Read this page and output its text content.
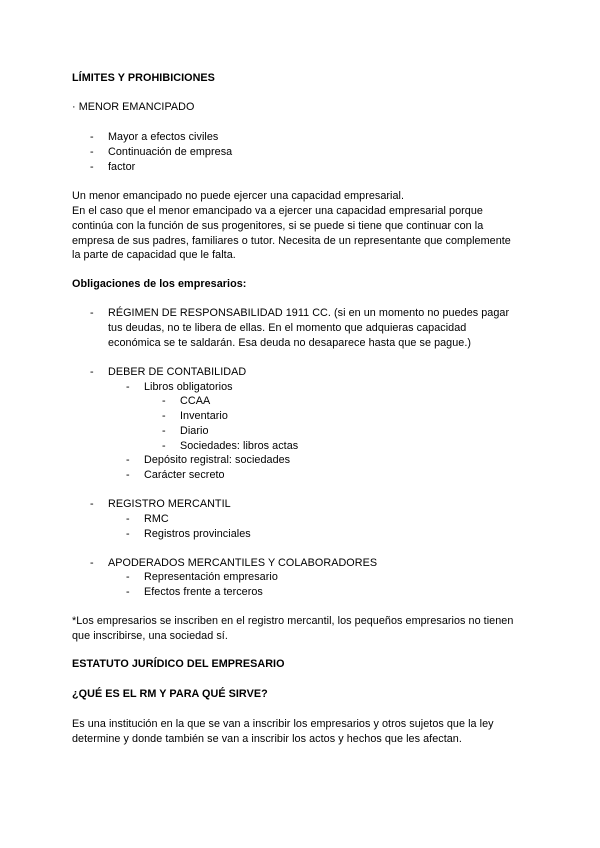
LÍMITES Y PROHIBICIONES
· MENOR EMANCIPADO
- Mayor a efectos civiles
- Continuación de empresa
- factor
Un menor emancipado no puede ejercer una capacidad empresarial.
En el caso que el menor emancipado va a ejercer una capacidad empresarial porque
continúa con la función de sus progenitores, si se puede si tiene que continuar con la
empresa de sus padres, familiares o tutor. Necesita de un representante que complemente
la parte de capacidad que le falta.
Obligaciones de los empresarios:
- RÉGIMEN DE RESPONSABILIDAD 1911 CC. (si en un momento no puedes pagar
tus deudas, no te libera de ellas. En el momento que adquieras capacidad
económica se te saldarán. Esa deuda no desaparece hasta que se pague.)
- DEBER DE CONTABILIDAD
- Libros obligatorios
- CCAA
- Inventario
- Diario
- Sociedades: libros actas
- Depósito registral: sociedades
- Carácter secreto
- REGISTRO MERCANTIL
- RMC
- Registros provinciales
- APODERADOS MERCANTILES Y COLABORADORES
- Representación empresario
- Efectos frente a terceros
*Los empresarios se inscriben en el registro mercantil, los pequeños empresarios no tienen
que inscribirse, una sociedad sí.
ESTATUTO JURÍDICO DEL EMPRESARIO
¿QUÉ ES EL RM Y PARA QUÉ SIRVE?
Es una institución en la que se van a inscribir los empresarios y otros sujetos que la ley
determine y donde también se van a inscribir los actos y hechos que les afectan.
